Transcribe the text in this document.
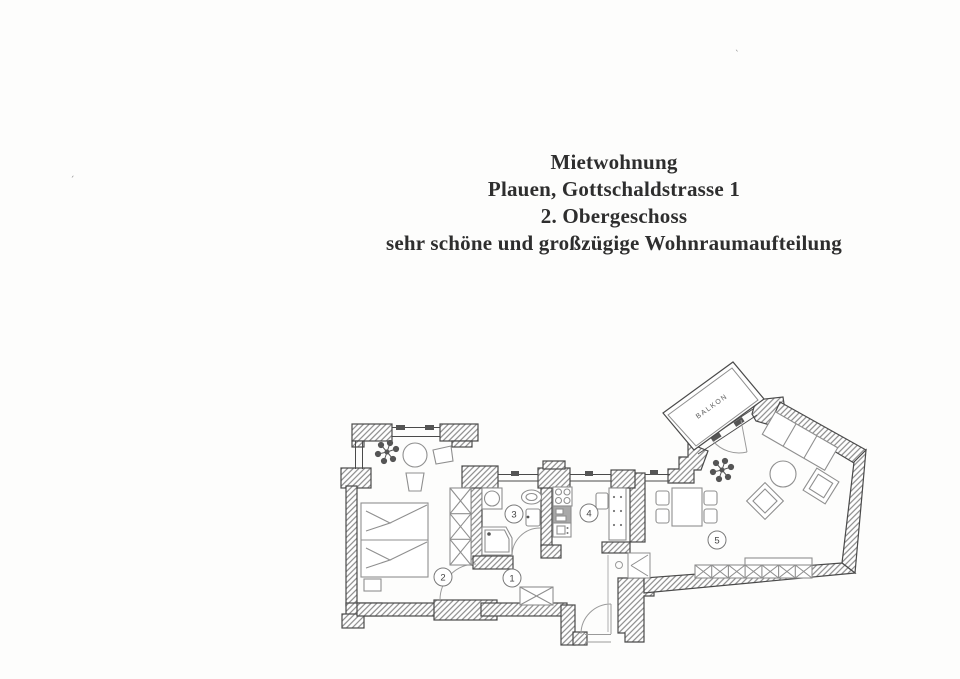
Mietwohnung
Plauen, Gottschaldstrasse 1
2. Obergeschoss
sehr schöne und großzügige Wohnraumaufteilung
´
`
BALKON
1
2
3	4
5
